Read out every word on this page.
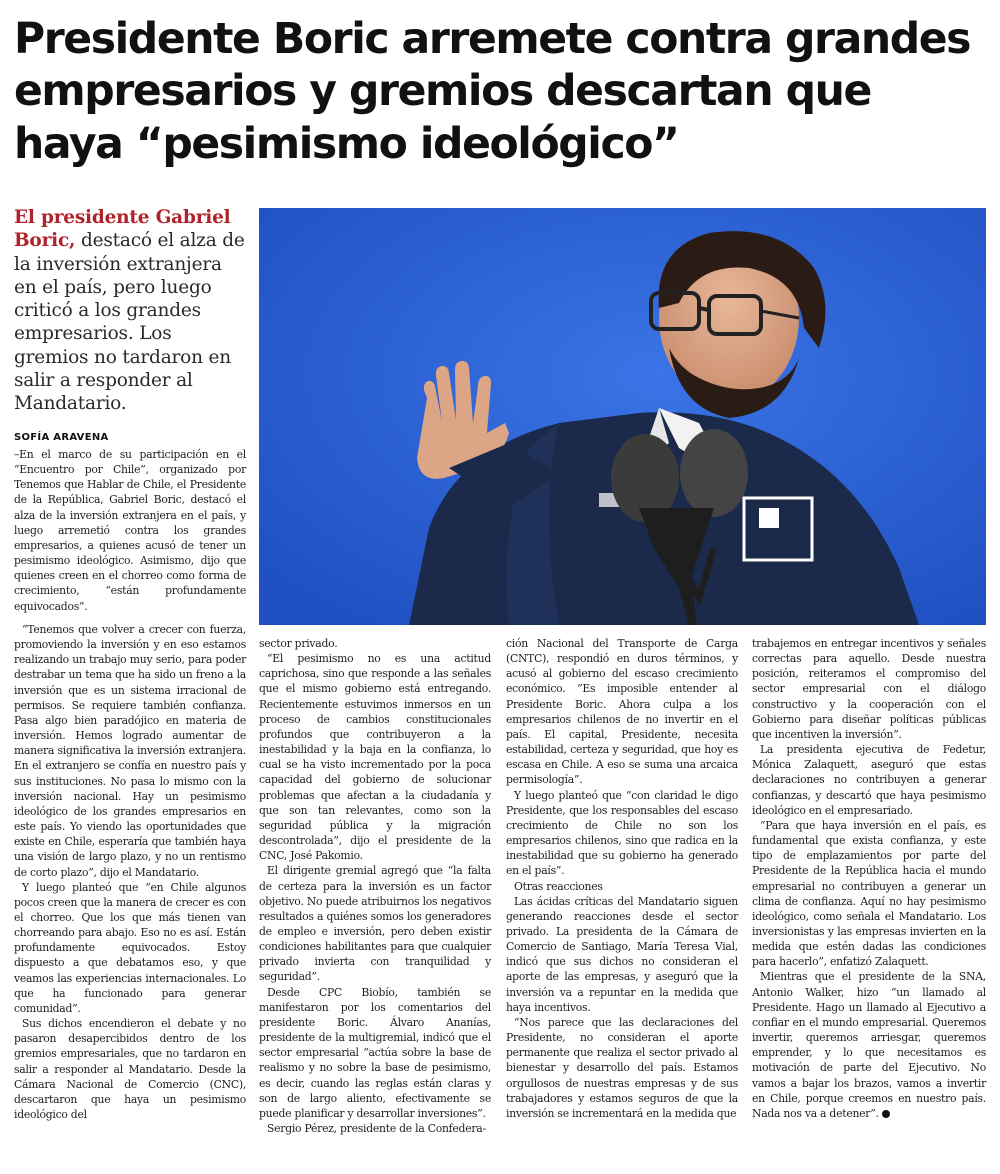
Presidente Boric arremete contra grandes empresarios y gremios descartan que haya “pesimismo ideológico”

El presidente Gabriel Boric, destacó el alza de la inversión extranjera en el país, pero luego criticó a los grandes empresarios. Los gremios no tardaron en salir a responder al Mandatario.

SOFÍA ARAVENA

–En el marco de su participación en el “Encuentro por Chile”, organizado por Tenemos que Hablar de Chile, el Presidente de la República, Gabriel Boric, destacó el alza de la inversión extranjera en el país, y luego arremetió contra los grandes empresarios, a quienes acusó de tener un pesimismo ideológico. Asimismo, dijo que quienes creen en el chorreo como forma de crecimiento, “están profundamente equivocados”.

“Tenemos que volver a crecer con fuerza, promoviendo la inversión y en eso estamos realizando un trabajo muy serio, para poder destrabar un tema que ha sido un freno a la inversión que es un sistema irracional de permisos. Se requiere también confianza. Pasa algo bien paradójico en materia de inversión. Hemos logrado aumentar de manera significativa la inversión extranjera. En el extranjero se confía en nuestro país y sus instituciones. No pasa lo mismo con la inversión nacional. Hay un pesimismo ideológico de los grandes empresarios en este país. Yo viendo las oportunidades que existe en Chile, esperaría que también haya una visión de largo plazo, y no un rentismo de corto plazo”, dijo el Mandatario.

Y luego planteó que “en Chile algunos pocos creen que la manera de crecer es con el chorreo. Que los que más tienen van chorreando para abajo. Eso no es así. Están profundamente equivocados. Estoy dispuesto a que debatamos eso, y que veamos las experiencias internacionales. Lo que ha funcionado para generar comunidad”.

Sus dichos encendieron el debate y no pasaron desapercibidos dentro de los gremios empresariales, que no tardaron en salir a responder al Mandatario. Desde la Cámara Nacional de Comercio (CNC), descartaron que haya un pesimismo ideológico del

sector privado.

“El pesimismo no es una actitud caprichosa, sino que responde a las señales que el mismo gobierno está entregando. Recientemente estuvimos inmersos en un proceso de cambios constitucionales profundos que contribuyeron a la inestabilidad y la baja en la confianza, lo cual se ha visto incrementado por la poca capacidad del gobierno de solucionar problemas que afectan a la ciudadanía y que son tan relevantes, como son la seguridad pública y la migración descontrolada”, dijo el presidente de la CNC, José Pakomio.

El dirigente gremial agregó que “la falta de certeza para la inversión es un factor objetivo. No puede atribuirnos los negativos resultados a quiénes somos los generadores de empleo e inversión, pero deben existir condiciones habilitantes para que cualquier privado invierta con tranquilidad y seguridad”.

Desde CPC Biobío, también se manifestaron por los comentarios del presidente Boric. Álvaro Ananías, presidente de la multigremial, indicó que el sector empresarial “actúa sobre la base de realismo y no sobre la base de pesimismo, es decir, cuando las reglas están claras y son de largo aliento, efectivamente se puede planificar y desarrollar inversiones”.

Sergio Pérez, presidente de la Confedera-

ción Nacional del Transporte de Carga (CNTC), respondió en duros términos, y acusó al gobierno del escaso crecimiento económico. “Es imposible entender al Presidente Boric. Ahora culpa a los empresarios chilenos de no invertir en el país. El capital, Presidente, necesita estabilidad, certeza y seguridad, que hoy es escasa en Chile. A eso se suma una arcaica permisología”.

Y luego planteó que “con claridad le digo Presidente, que los responsables del escaso crecimiento de Chile no son los empresarios chilenos, sino que radica en la inestabilidad que su gobierno ha generado en el país”.

Otras reacciones

Las ácidas críticas del Mandatario siguen generando reacciones desde el sector privado. La presidenta de la Cámara de Comercio de Santiago, María Teresa Vial, indicó que sus dichos no consideran el aporte de las empresas, y aseguró que la inversión va a repuntar en la medida que haya incentivos.

“Nos parece que las declaraciones del Presidente, no consideran el aporte permanente que realiza el sector privado al bienestar y desarrollo del país. Estamos orgullosos de nuestras empresas y de sus trabajadores y estamos seguros de que la inversión se incrementará en la medida que

trabajemos en entregar incentivos y señales correctas para aquello. Desde nuestra posición, reiteramos el compromiso del sector empresarial con el diálogo constructivo y la cooperación con el Gobierno para diseñar políticas públicas que incentiven la inversión”.

La presidenta ejecutiva de Fedetur, Mónica Zalaquett, aseguró que estas declaraciones no contribuyen a generar confianzas, y descartó que haya pesimismo ideológico en el empresariado.

“Para que haya inversión en el país, es fundamental que exista confianza, y este tipo de emplazamientos por parte del Presidente de la República hacia el mundo empresarial no contribuyen a generar un clima de confianza. Aquí no hay pesimismo ideológico, como señala el Mandatario. Los inversionistas y las empresas invierten en la medida que estén dadas las condiciones para hacerlo”, enfatizó Zalaquett.

Mientras que el presidente de la SNA, Antonio Walker, hizo “un llamado al Presidente. Hago un llamado al Ejecutivo a confiar en el mundo empresarial. Queremos invertir, queremos arriesgar, queremos emprender, y lo que necesitamos es motivación de parte del Ejecutivo. No vamos a bajar los brazos, vamos a invertir en Chile, porque creemos en nuestro país. Nada nos va a detener”.
